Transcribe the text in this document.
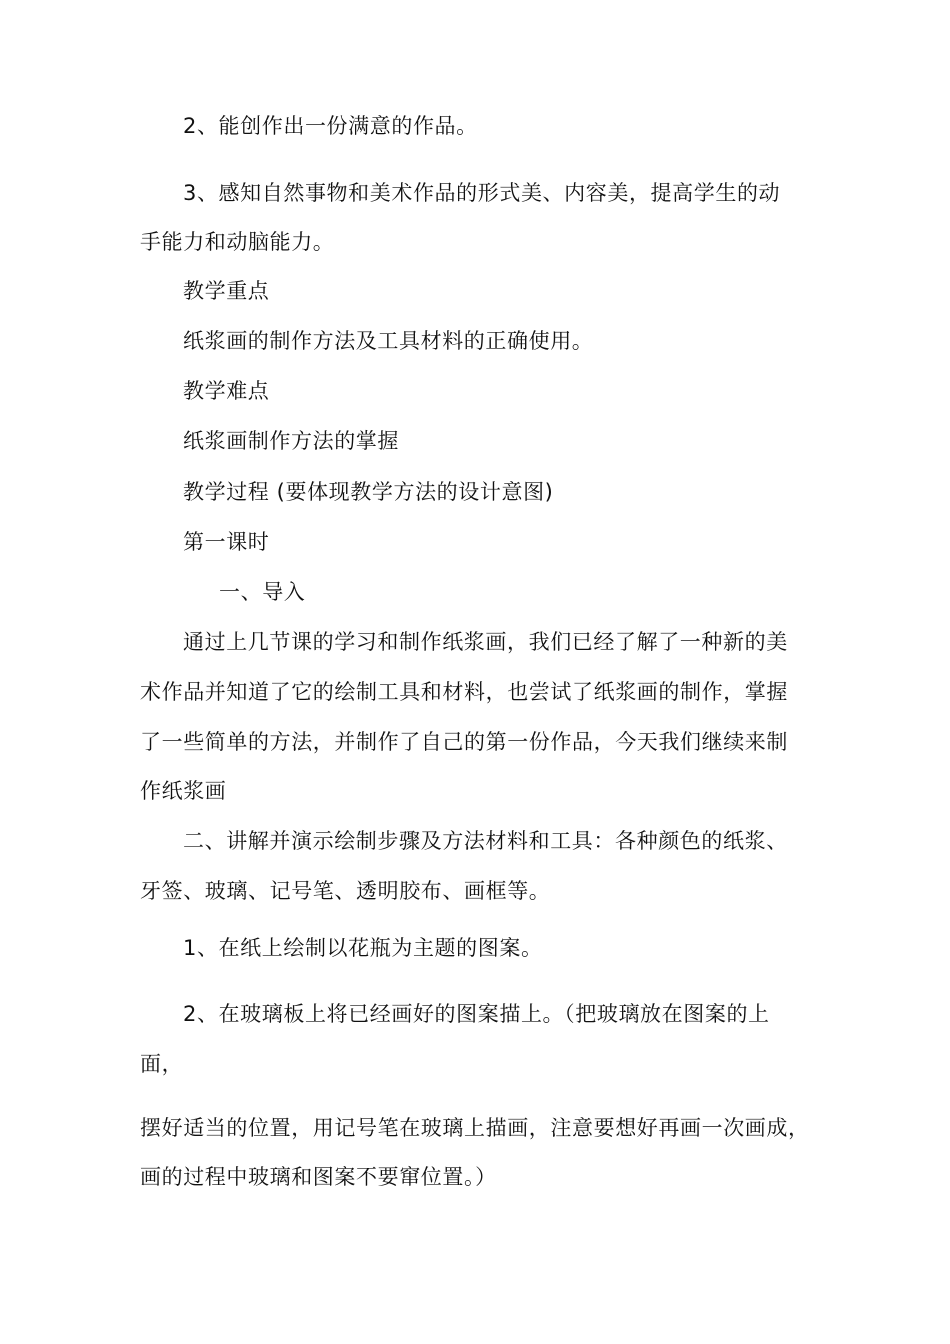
2、能创作出一份满意的作品。
3、感知自然事物和美术作品的形式美、内容美，提高学生的动
手能力和动脑能力。
教学重点
纸浆画的制作方法及工具材料的正确使用。
教学难点
纸浆画制作方法的掌握
教学过程 (要体现教学方法的设计意图)
第一课时
一、导入
通过上几节课的学习和制作纸浆画，我们已经了解了一种新的美
术作品并知道了它的绘制工具和材料，也尝试了纸浆画的制作，掌握
了一些简单的方法，并制作了自己的第一份作品，今天我们继续来制
作纸浆画
二、讲解并演示绘制步骤及方法材料和工具：各种颜色的纸浆、
牙签、玻璃、记号笔、透明胶布、画框等。
1、在纸上绘制以花瓶为主题的图案。
2、在玻璃板上将已经画好的图案描上。（把玻璃放在图案的上
面，
摆好适当的位置，用记号笔在玻璃上描画，注意要想好再画一次画成，
画的过程中玻璃和图案不要窜位置。）
